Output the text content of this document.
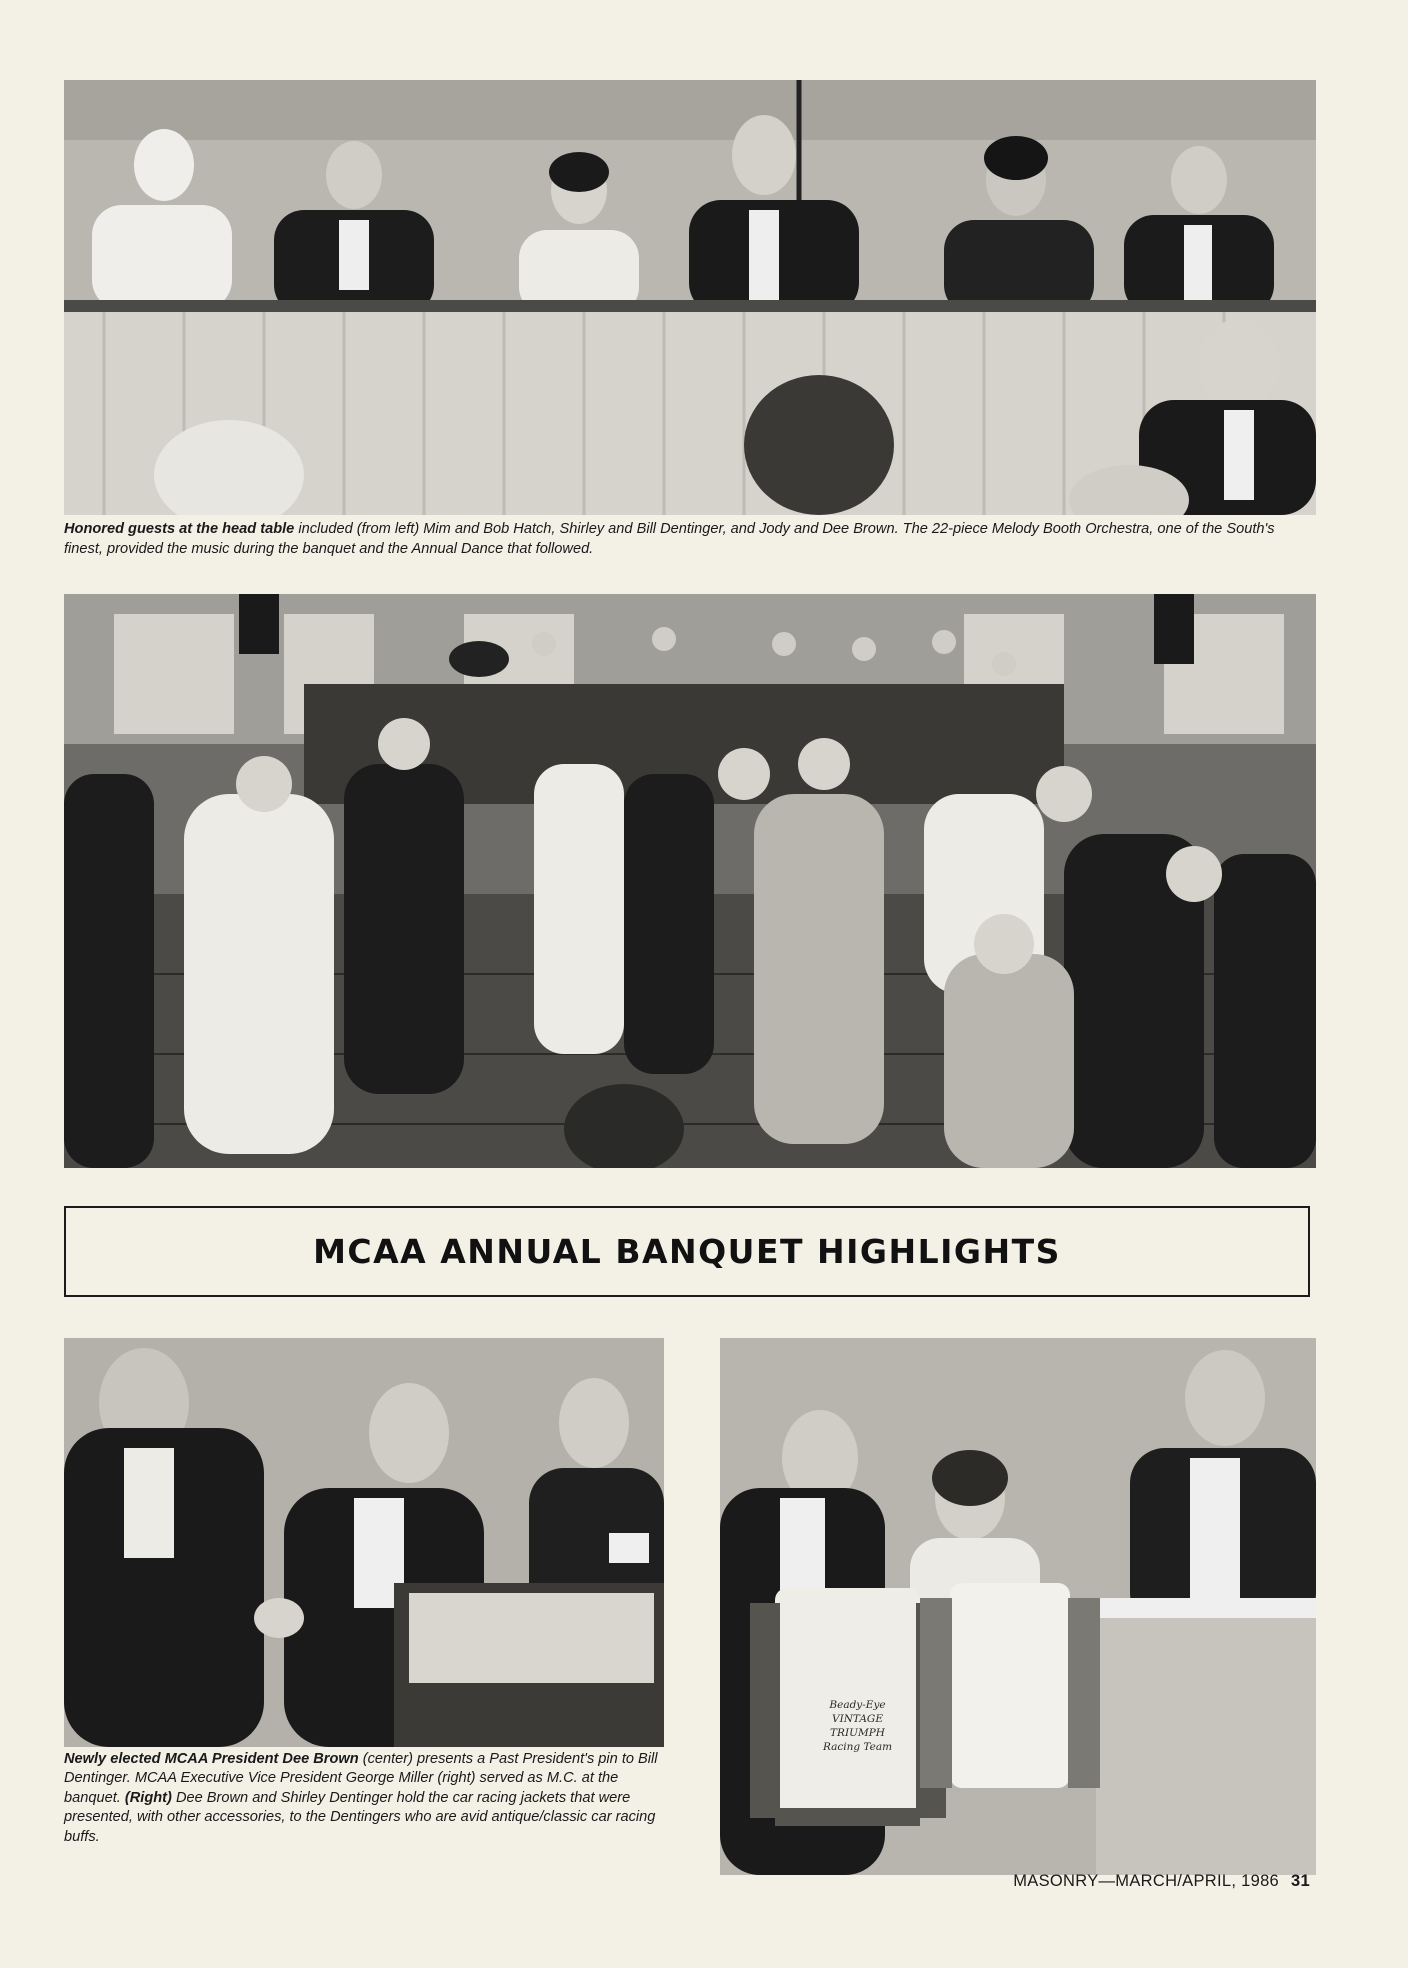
Honored guests at the head table included (from left) Mim and Bob Hatch, Shirley and Bill Dentinger, and Jody and Dee Brown. The 22-piece Melody Booth Orchestra, one of the South's finest, provided the music during the banquet and the Annual Dance that followed.

MCAA ANNUAL BANQUET HIGHLIGHTS

Newly elected MCAA President Dee Brown (center) presents a Past President's pin to Bill Dentinger. MCAA Executive Vice President George Miller (right) served as M.C. at the banquet. (Right) Dee Brown and Shirley Dentinger hold the car racing jackets that were presented, with other accessories, to the Dentingers who are avid antique/classic car racing buffs.

Beady-Eye VINTAGE TRIUMPH Racing Team
MASONRY—MARCH/APRIL, 1986 31
